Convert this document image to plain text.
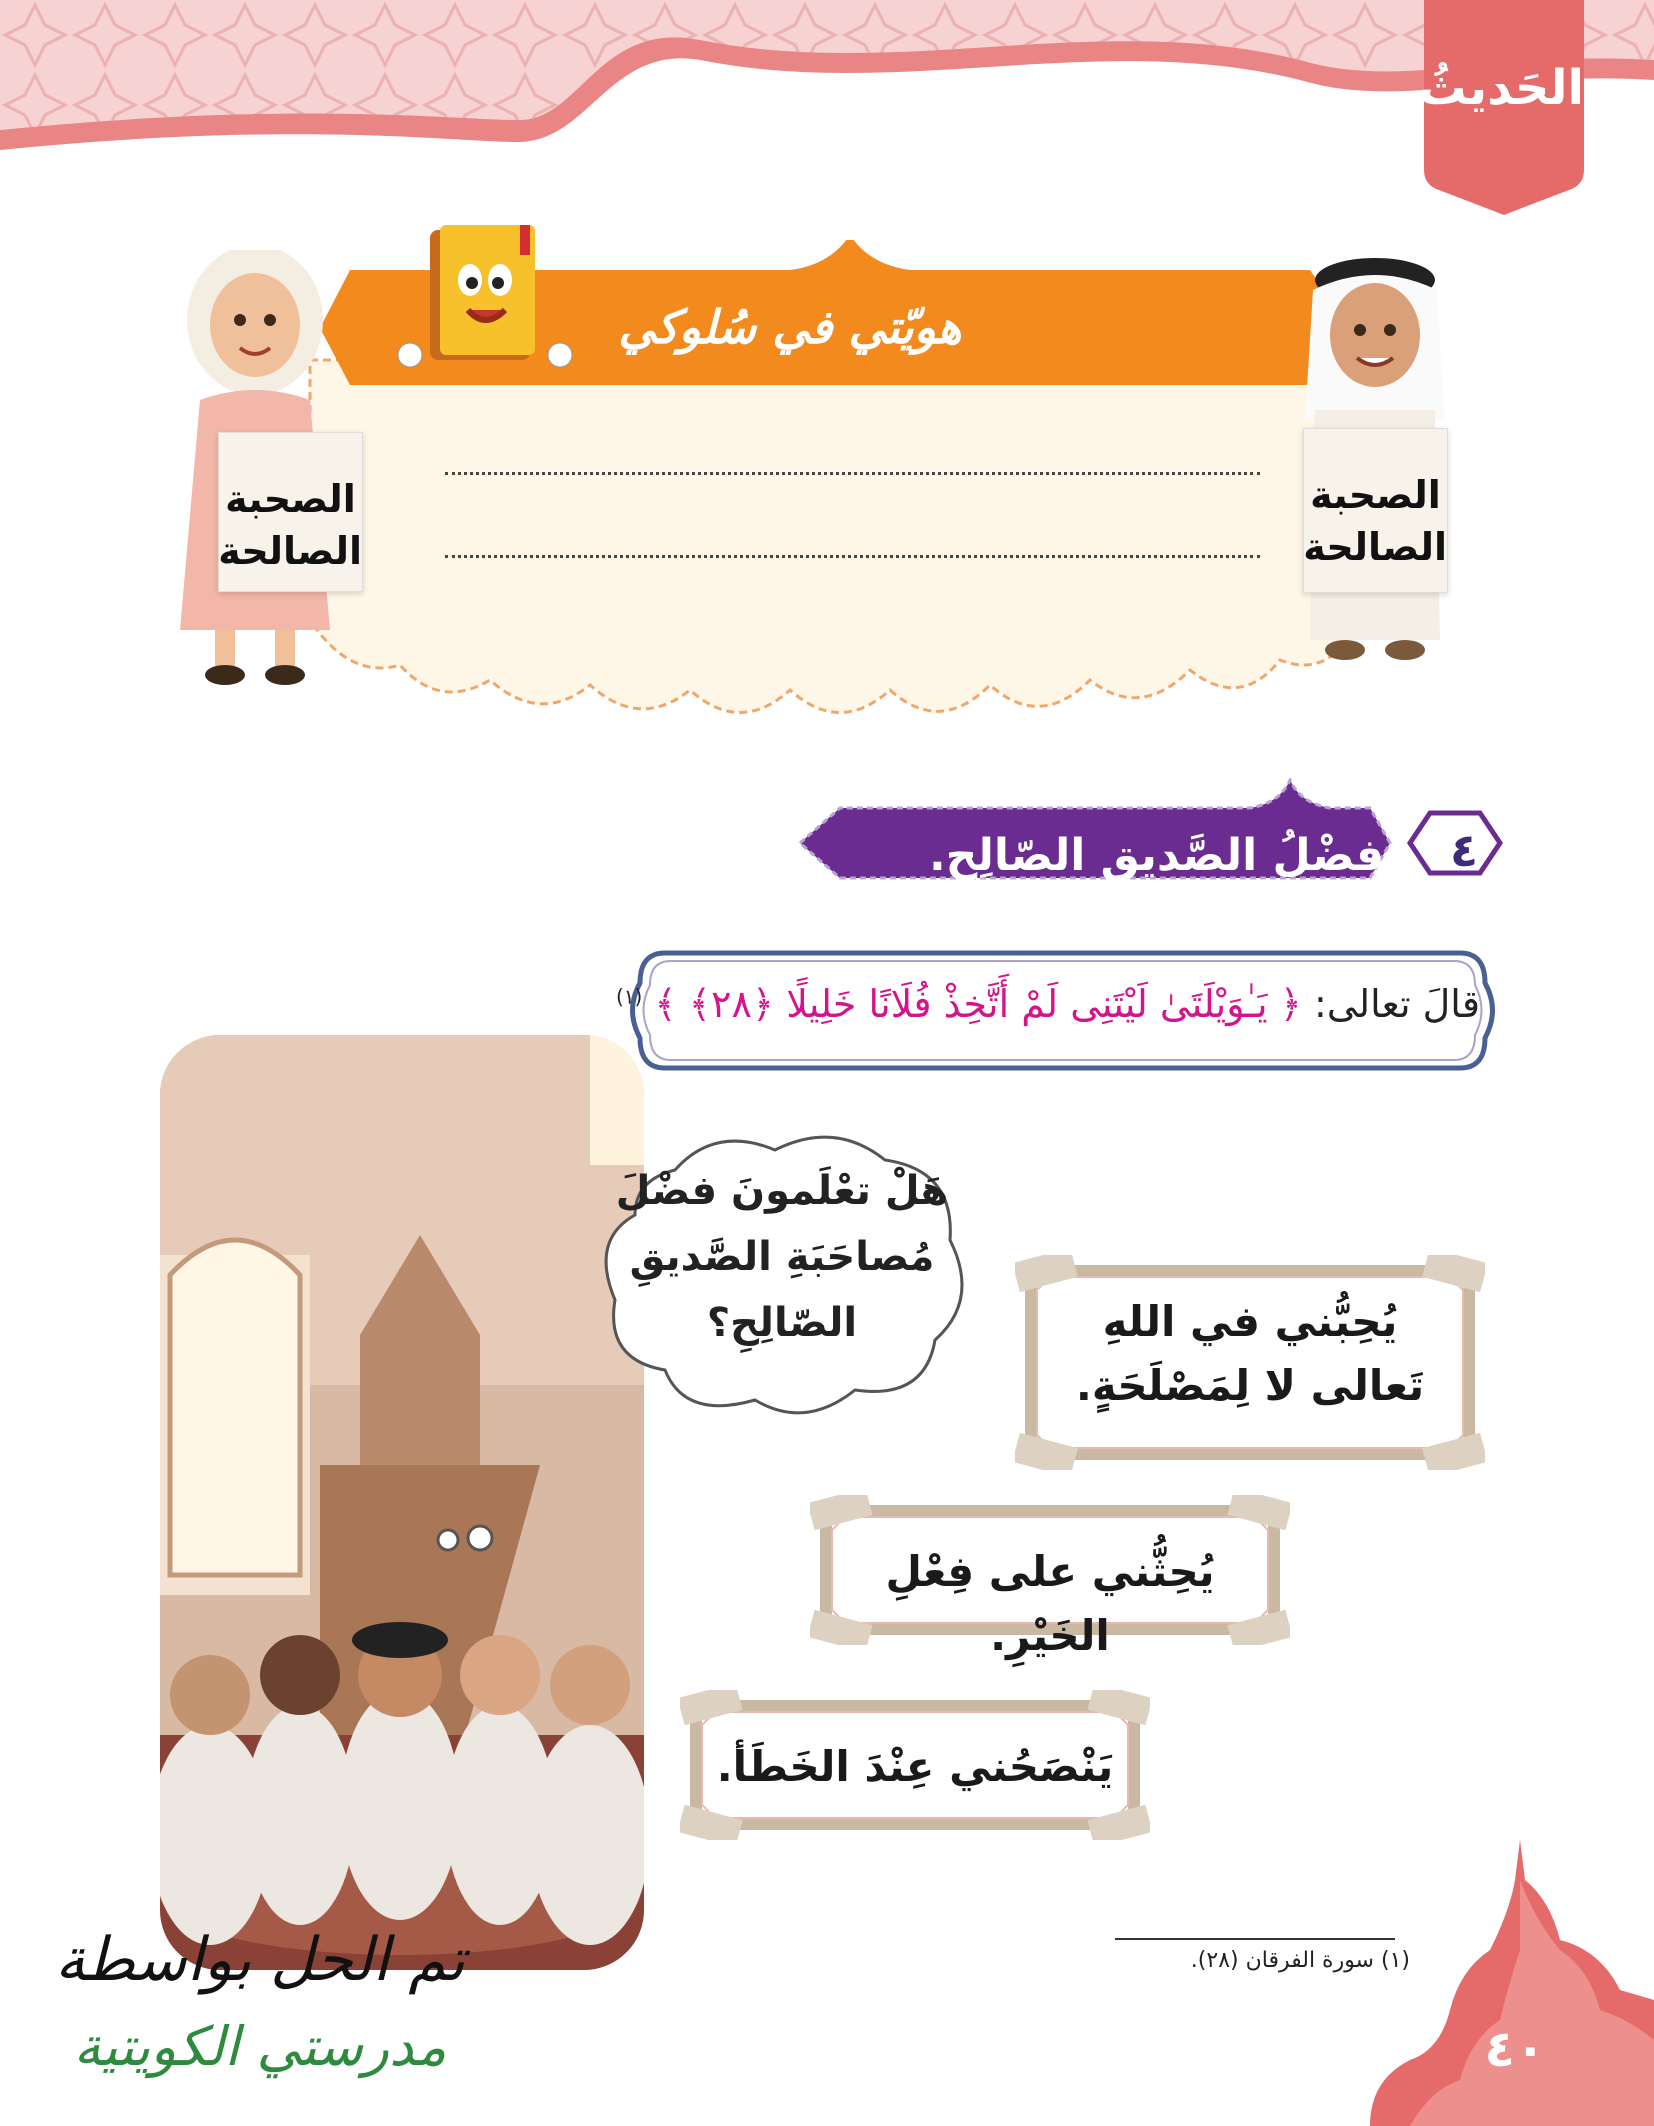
الحَديثُ
هويّتي في سُلوكي
الصحبة الصالحة
الصحبة الصالحة
فضْلُ الصَّديقِ الصّالِحِ.	٤
قالَ تعالى: ﴿ يَـٰوَيْلَتَىٰ لَيْتَنِى لَمْ أَتَّخِذْ فُلَانًا خَلِيلًا ﴿٢٨﴾ ﴾ $^{(١)}$
هَلْ تعْلَمونَ فضْلَ مُصاحَبَةِ الصَّديقِ الصّالِحِ؟	يُحِبُّني في اللهِ تَعالى لا لِمَصْلَحَةٍ.
يُحِثُّني على فِعْلِ الخَيْرِ.
يَنْصَحُني عِنْدَ الخَطَأ.
(١) سورة الفرقان (٢٨).
٤٠
تم الحل بواسطة
مدرستي الكويتية
